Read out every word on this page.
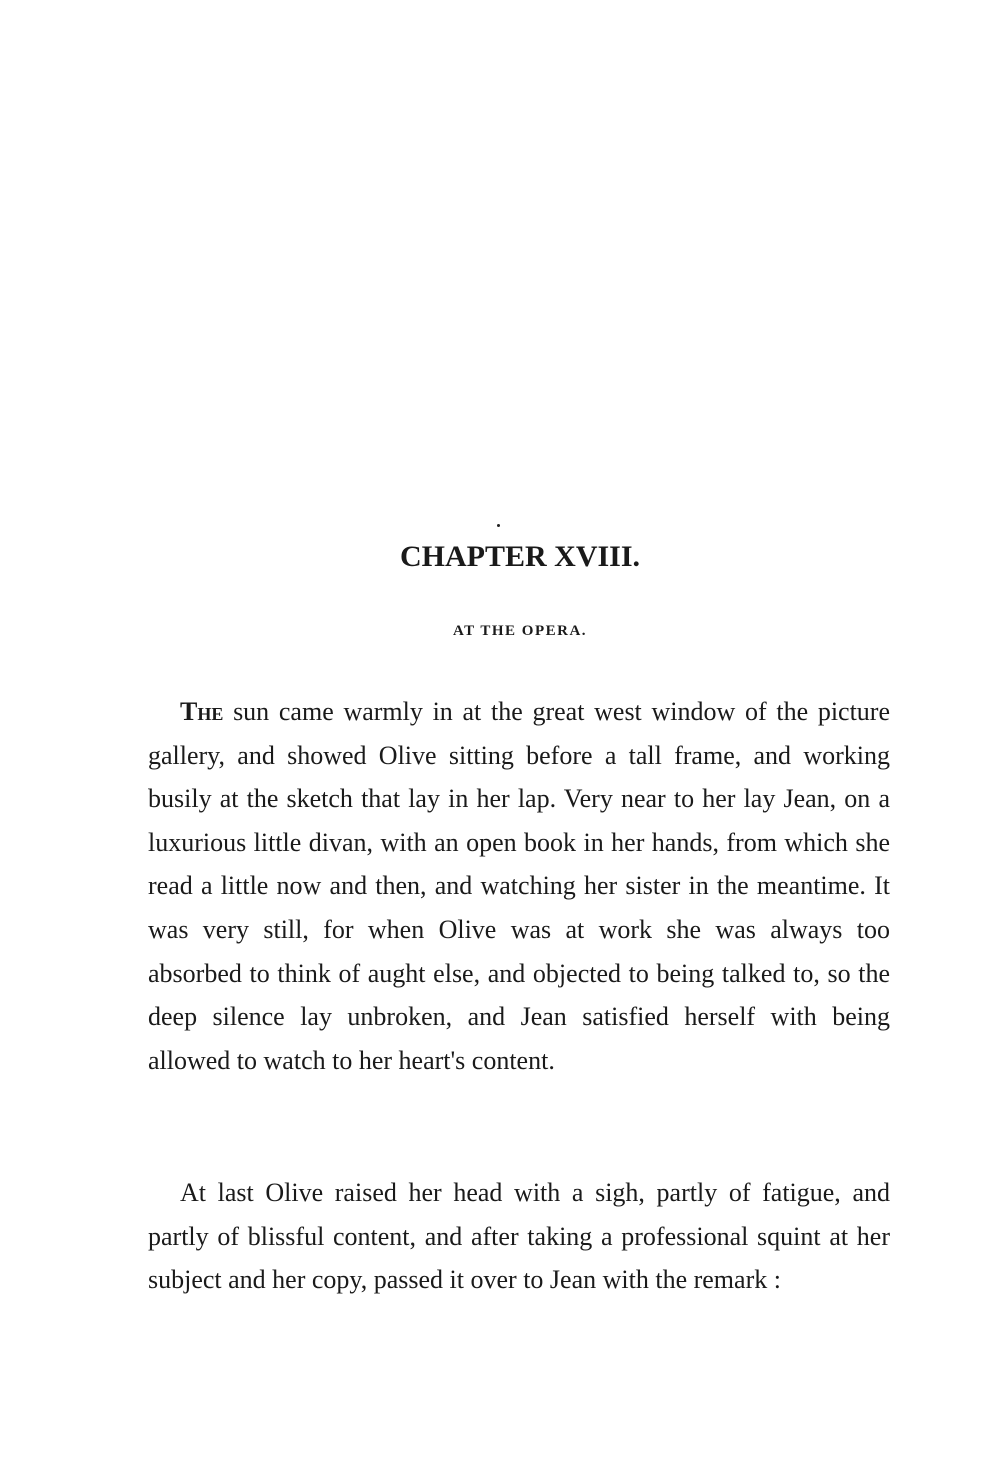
CHAPTER XVIII.
AT THE OPERA.

The sun came warmly in at the great west window of the picture gallery, and showed Olive sitting before a tall frame, and working busily at the sketch that lay in her lap. Very near to her lay Jean, on a luxurious little divan, with an open book in her hands, from which she read a little now and then, and watching her sister in the meantime. It was very still, for when Olive was at work she was always too absorbed to think of aught else, and objected to being talked to, so the deep silence lay unbroken, and Jean satisfied herself with being allowed to watch to her heart's content.

At last Olive raised her head with a sigh, partly of fatigue, and partly of blissful content, and after taking a professional squint at her subject and her copy, passed it over to Jean with the remark :
